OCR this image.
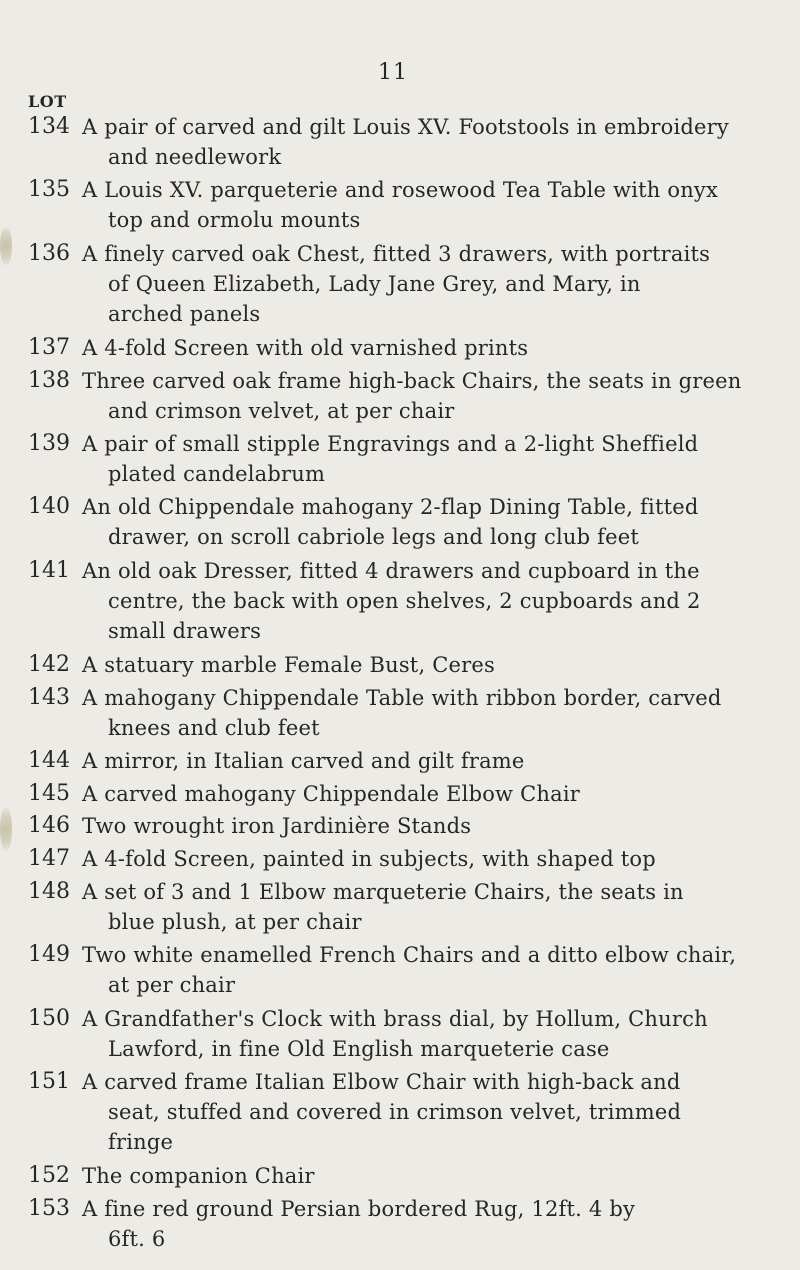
11
LOT
134 A pair of carved and gilt Louis XV. Footstools in embroidery
and needlework
135 A Louis XV. parqueterie and rosewood Tea Table with onyx
top and ormolu mounts
136 A finely carved oak Chest, fitted 3 drawers, with portraits
of Queen Elizabeth, Lady Jane Grey, and Mary, in
arched panels
137 A 4-fold Screen with old varnished prints
138 Three carved oak frame high-back Chairs, the seats in green
and crimson velvet, at per chair
139 A pair of small stipple Engravings and a 2-light Sheffield
plated candelabrum
140 An old Chippendale mahogany 2-flap Dining Table, fitted
drawer, on scroll cabriole legs and long club feet
141 An old oak Dresser, fitted 4 drawers and cupboard in the
centre, the back with open shelves, 2 cupboards and 2
small drawers
142 A statuary marble Female Bust, Ceres
143 A mahogany Chippendale Table with ribbon border, carved
knees and club feet
144 A mirror, in Italian carved and gilt frame
145 A carved mahogany Chippendale Elbow Chair
146 Two wrought iron Jardinière Stands
147 A 4-fold Screen, painted in subjects, with shaped top
148 A set of 3 and 1 Elbow marqueterie Chairs, the seats in
blue plush, at per chair
149 Two white enamelled French Chairs and a ditto elbow chair,
at per chair
150 A Grandfather's Clock with brass dial, by Hollum, Church
Lawford, in fine Old English marqueterie case
151 A carved frame Italian Elbow Chair with high-back and
seat, stuffed and covered in crimson velvet, trimmed
fringe
152 The companion Chair
153 A fine red ground Persian bordered Rug, 12ft. 4 by
6ft. 6
